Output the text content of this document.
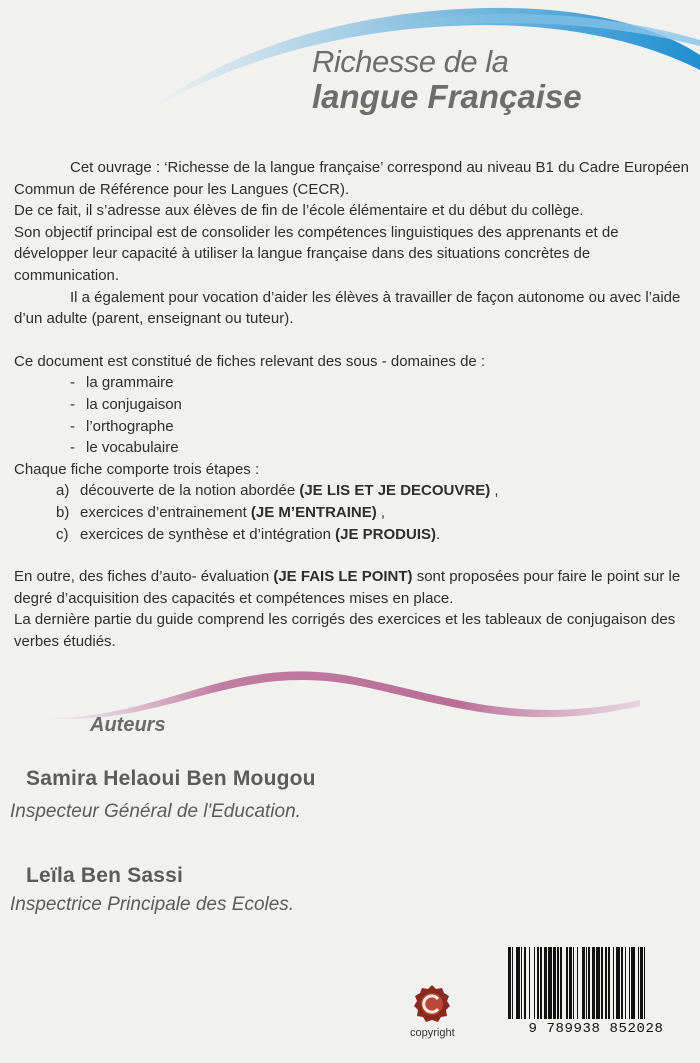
Richesse de la
langue Française

Cet ouvrage : ‘Richesse de la langue française’ correspond au niveau B1 du Cadre Européen Commun de Référence pour les Langues (CECR).

De ce fait, il s’adresse aux élèves de fin de l’école élémentaire et du début du collège.

Son objectif principal est de consolider les compétences linguistiques des apprenants et de développer leur capacité à utiliser la langue française dans des situations concrètes de communication.

Il a également pour vocation d’aider les élèves à travailler de façon autonome ou avec l’aide d’un adulte (parent, enseignant ou tuteur).

Ce document est constitué de fiches relevant des sous - domaines de :

- la grammaire
- la conjugaison
- l’orthographe
- le vocabulaire

Chaque fiche comporte trois étapes :

a) découverte de la notion abordée (JE LIS ET JE DECOUVRE) ,
b) exercices d’entrainement (JE M’ENTRAINE) ,
c) exercices de synthèse et d’intégration (JE PRODUIS).

En outre, des fiches d’auto- évaluation (JE FAIS LE POINT) sont proposées pour faire le point sur le degré d’acquisition des capacités et compétences mises en place.

La dernière partie du guide comprend les corrigés des exercices et les tableaux de conjugaison des verbes étudiés.

Auteurs
Samira Helaoui Ben Mougou
Inspecteur Général de l'Education.
Leïla Ben Sassi
Inspectrice Principale des Ecoles.
copyright	9 789938 852028
